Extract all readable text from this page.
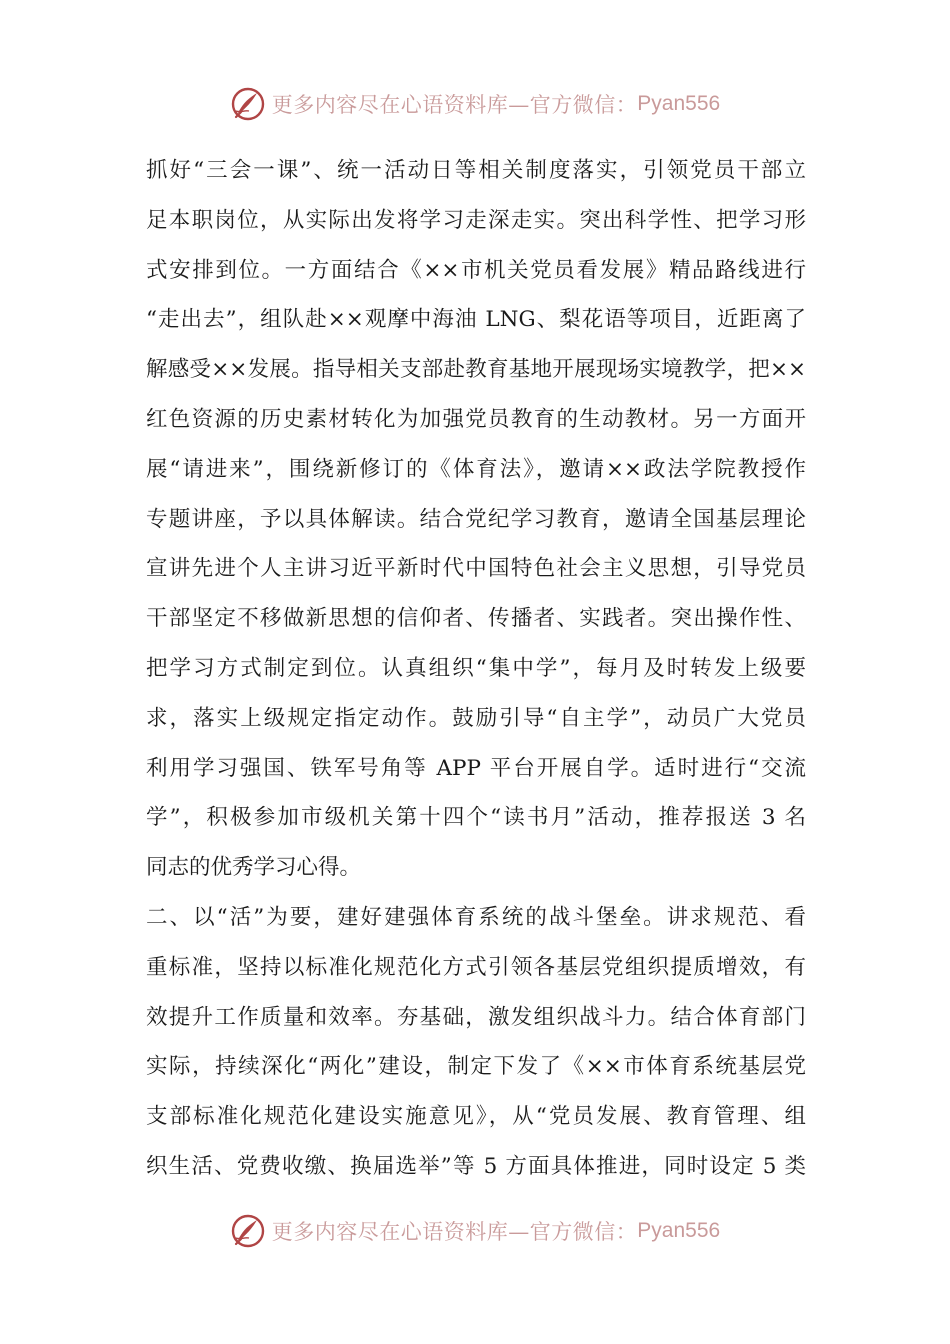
更多内容尽在心语资料库—官方微信： Pyan556
抓好“三会一课”、统一活动日等相关制度落实，引领党员干部立
足本职岗位，从实际出发将学习走深走实。突出科学性、把学习形
式安排到位。一方面结合《××市机关党员看发展》精品路线进行
“走出去”，组队赴××观摩中海油 LNG、梨花语等项目，近距离了
解感受××发展。指导相关支部赴教育基地开展现场实境教学，把××
红色资源的历史素材转化为加强党员教育的生动教材。另一方面开
展“请进来”，围绕新修订的《体育法》，邀请××政法学院教授作
专题讲座，予以具体解读。结合党纪学习教育，邀请全国基层理论
宣讲先进个人主讲习近平新时代中国特色社会主义思想，引导党员
干部坚定不移做新思想的信仰者、传播者、实践者。突出操作性、
把学习方式制定到位。认真组织“集中学”，每月及时转发上级要
求，落实上级规定指定动作。鼓励引导“自主学”，动员广大党员
利用学习强国、铁军号角等 APP 平台开展自学。适时进行“交流
学”，积极参加市级机关第十四个“读书月”活动，推荐报送 3 名
同志的优秀学习心得。
二、以“活”为要，建好建强体育系统的战斗堡垒。讲求规范、看
重标准，坚持以标准化规范化方式引领各基层党组织提质增效，有
效提升工作质量和效率。夯基础，激发组织战斗力。结合体育部门
实际，持续深化“两化”建设，制定下发了《××市体育系统基层党
支部标准化规范化建设实施意见》，从“党员发展、教育管理、组
织生活、党费收缴、换届选举”等 5 方面具体推进，同时设定 5 类
更多内容尽在心语资料库—官方微信： Pyan556
